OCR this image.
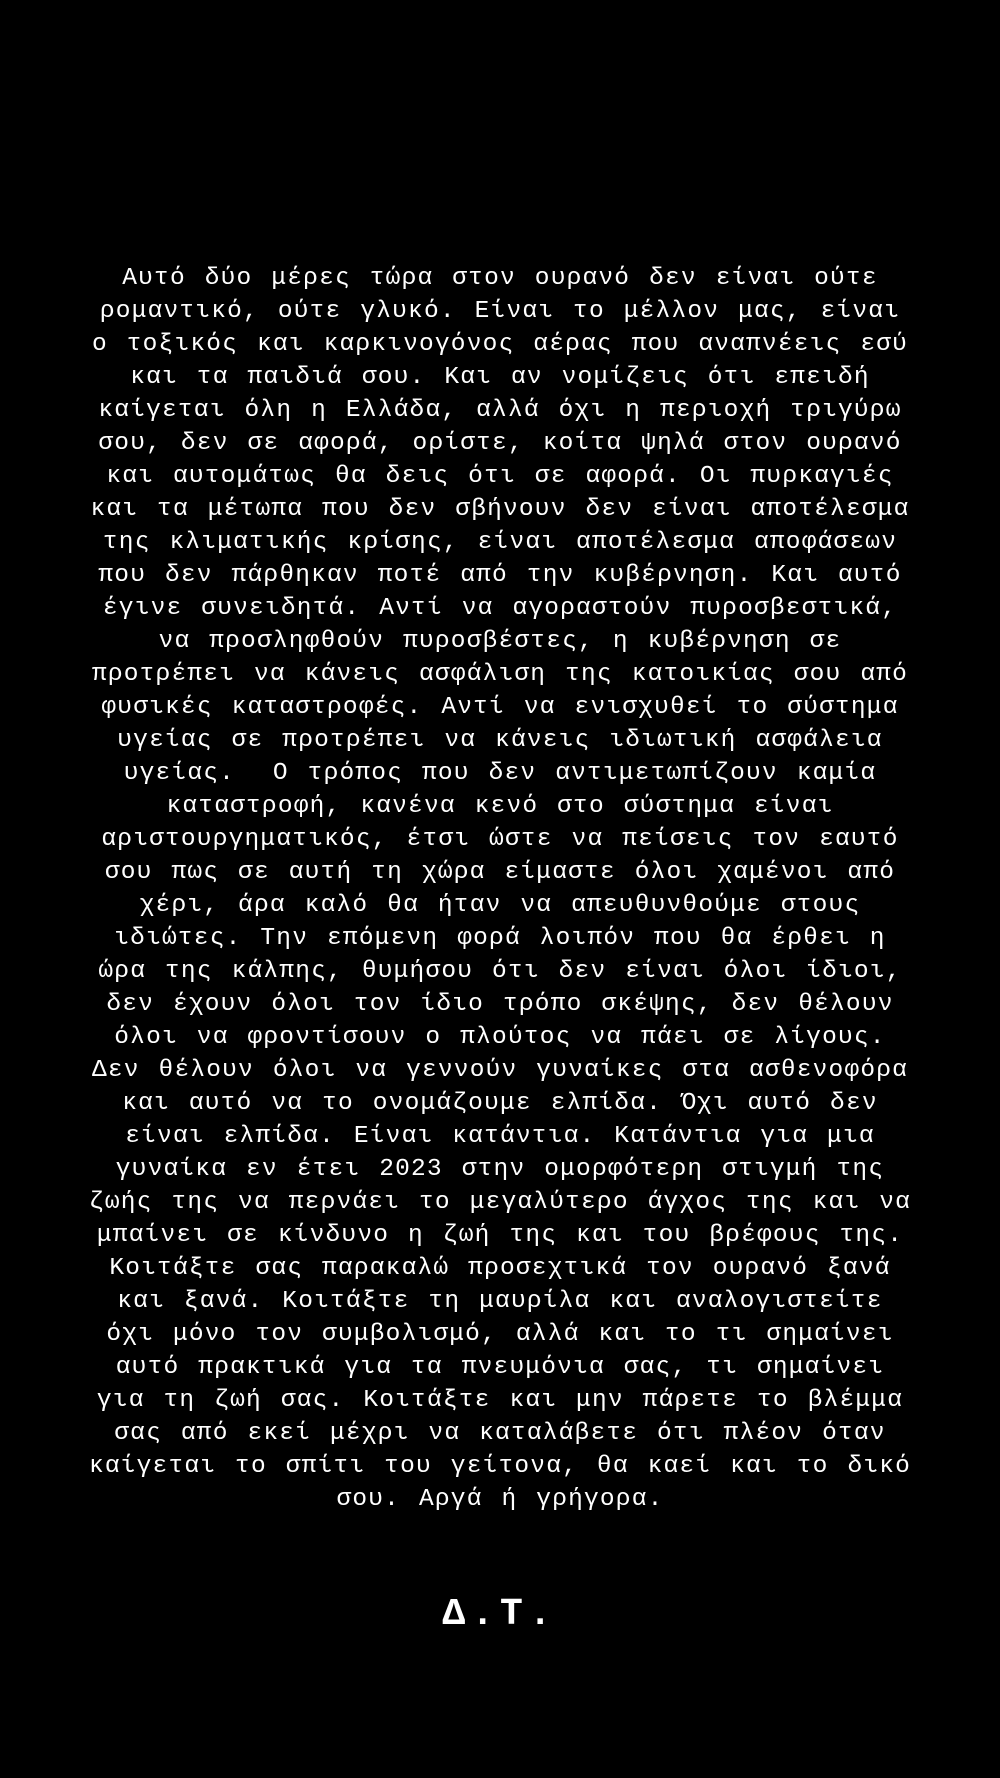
Αυτό δύο μέρες τώρα στον ουρανό δεν είναι ούτε
ρομαντικό, ούτε γλυκό. Είναι το μέλλον μας, είναι
ο τοξικός και καρκινογόνος αέρας που αναπνέεις εσύ
και τα παιδιά σου. Και αν νομίζεις ότι επειδή
καίγεται όλη η Ελλάδα, αλλά όχι η περιοχή τριγύρω
σου, δεν σε αφορά, ορίστε, κοίτα ψηλά στον ουρανό
και αυτομάτως θα δεις ότι σε αφορά. Οι πυρκαγιές
και τα μέτωπα που δεν σβήνουν δεν είναι αποτέλεσμα
της κλιματικής κρίσης, είναι αποτέλεσμα αποφάσεων
που δεν πάρθηκαν ποτέ από την κυβέρνηση. Και αυτό
έγινε συνειδητά. Αντί να αγοραστούν πυροσβεστικά,
να προσληφθούν πυροσβέστες, η κυβέρνηση σε
προτρέπει να κάνεις ασφάλιση της κατοικίας σου από
φυσικές καταστροφές. Αντί να ενισχυθεί το σύστημα
υγείας σε προτρέπει να κάνεις ιδιωτική ασφάλεια
υγείας.  Ο τρόπος που δεν αντιμετωπίζουν καμία
καταστροφή, κανένα κενό στο σύστημα είναι
αριστουργηματικός, έτσι ώστε να πείσεις τον εαυτό
σου πως σε αυτή τη χώρα είμαστε όλοι χαμένοι από
χέρι, άρα καλό θα ήταν να απευθυνθούμε στους
ιδιώτες. Την επόμενη φορά λοιπόν που θα έρθει η
ώρα της κάλπης, θυμήσου ότι δεν είναι όλοι ίδιοι,
δεν έχουν όλοι τον ίδιο τρόπο σκέψης, δεν θέλουν
όλοι να φροντίσουν ο πλούτος να πάει σε λίγους.
Δεν θέλουν όλοι να γεννούν γυναίκες στα ασθενοφόρα
και αυτό να το ονομάζουμε ελπίδα. Όχι αυτό δεν
είναι ελπίδα. Είναι κατάντια. Κατάντια για μια
γυναίκα εν έτει 2023 στην ομορφότερη στιγμή της
ζωής της να περνάει το μεγαλύτερο άγχος της και να
μπαίνει σε κίνδυνο η ζωή της και του βρέφους της.
Κοιτάξτε σας παρακαλώ προσεχτικά τον ουρανό ξανά
και ξανά. Κοιτάξτε τη μαυρίλα και αναλογιστείτε
όχι μόνο τον συμβολισμό, αλλά και το τι σημαίνει
αυτό πρακτικά για τα πνευμόνια σας, τι σημαίνει
για τη ζωή σας. Κοιτάξτε και μην πάρετε το βλέμμα
σας από εκεί μέχρι να καταλάβετε ότι πλέον όταν
καίγεται το σπίτι του γείτονα, θα καεί και το δικό
σου. Αργά ή γρήγορα.
Δ.Τ.
